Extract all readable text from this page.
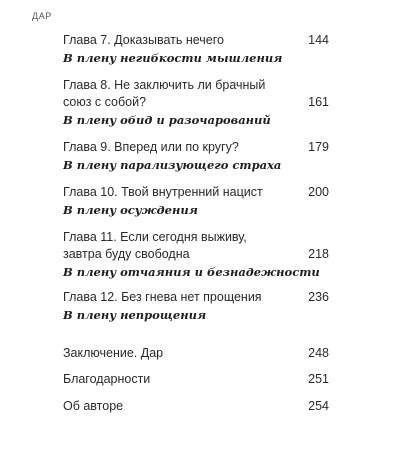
ДАР
Глава 7. Доказывать нечего	144
В плену негибкости мышления
Глава 8. Не заключить ли брачный
союз с собой?	161
В плену обид и разочарований
Глава 9. Вперед или по кругу?	179
В плену парализующего страха
Глава 10. Твой внутренний нацист	200
В плену осуждения
Глава 11. Если сегодня выживу,
завтра буду свободна	218
В плену отчаяния и безнадежности
Глава 12. Без гнева нет прощения	236
В плену непрощения
Заключение. Дар	248
Благодарности	251
Об авторе	254
